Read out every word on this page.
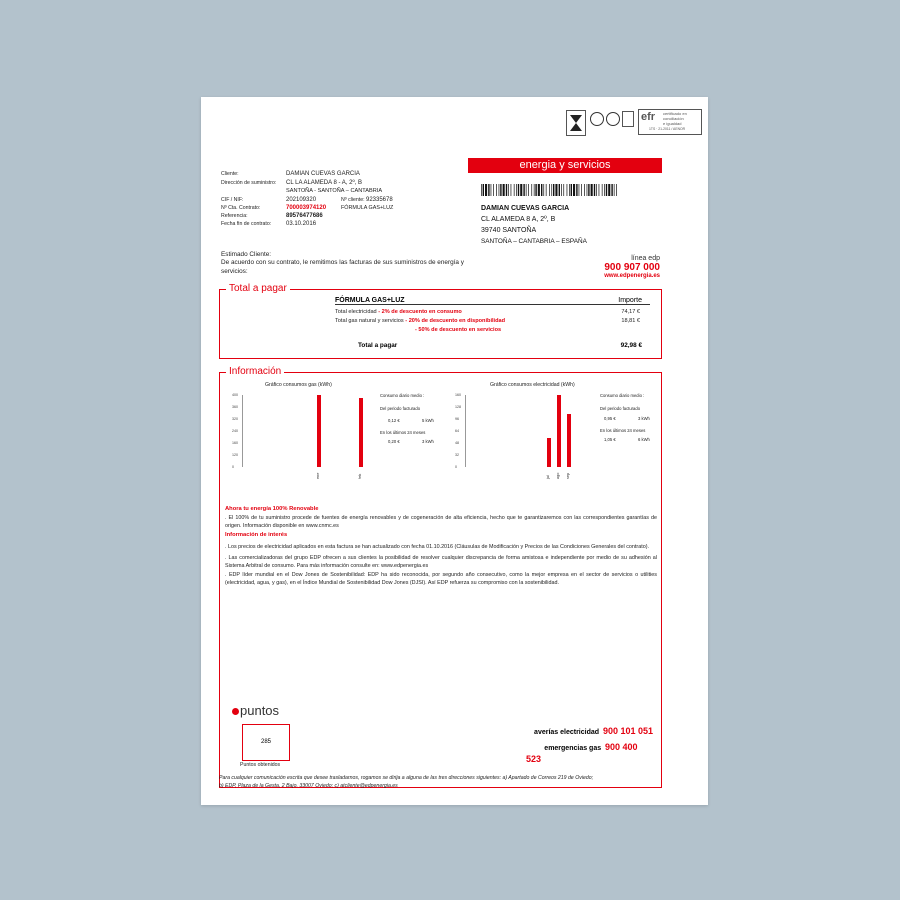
efr certificado en
conciliación
e igualdad
1TS · 21-2011 / AENOR
energia y servicios
Cliente:	DAMIAN CUEVAS GARCIA
Dirección de suministro:	CL LA ALAMEDA 8 - A, 2º, B
SANTOÑA - SANTOÑA – CANTABRIA
CIF / NIF:	202109320	Nº cliente: 92335678
Nº Cta. Contrato:	700003974120	FÓRMULA GAS+LUZ
Referencia:	89576477686
Fecha fin de contrato:	03.10.2016
DAMIAN CUEVAS GARCIA
CL ALAMEDA 8 A, 2º, B
39740 SANTOÑA
SANTOÑA – CANTABRIA – ESPAÑA
Estimado Cliente:
De acuerdo con su contrato, le remitimos las facturas de sus suministros de energía y servicios:
línea edp
900 907 000
www.edpenergia.es
Total a pagar
FÓRMULA GAS+LUZ	Importe
Total electricidad - 2% de descuento en consumo	74,17 €
Total gas natural y servicios - 20% de descuento en disponibilidad	18,81 €
- 50% de descuento en servicios
Total a pagar	92,98 €
Información
Gráfico consumos gas (kWh)
400
360
320
240
160
120
0
ene	feb
Consumo diario medio :
Del periodo facturado
0,12 €	5 kWh
En los últimos 24 meses
0,20 €	3 kWh
Gráfico consumos electricidad (kWh)
160
128
96
64
48
32
0
jul ago sep
Consumo diario medio :
Del periodo facturado
0,95 €	3 kWh
En los últimos 24 meses
1,05 €	6 kWh
Ahora tu energía 100% Renovable
. El 100% de tu suministro procede de fuentes de energía renovables y de cogeneración de alta eficiencia, hecho que te garantizaremos con las correspondientes garantías de origen. Información disponible en www.cnmc.es
Información de interés
. Los precios de electricidad aplicados en esta factura se han actualizado con fecha 01.10.2016 (Cláusulas de Modificación y Precios de las Condiciones Generales del contrato).
. Las comercializadoras del grupo EDP ofrecen a sus clientes la posibilidad de resolver cualquier discrepancia de forma amistosa e independiente por medio de su adhesión al Sistema Arbitral de consumo. Para más información consulte en: www.edpenergia.es
. EDP líder mundial en el Dow Jones de Sostenibilidad: EDP ha sido reconocida, por segundo año consecutivo, como la mejor empresa en el sector de servicios o utilities (electricidad, agua, y gas), en el Índice Mundial de Sostenibilidad Dow Jones (DJSI). Así EDP refuerza su compromiso con la sostenibilidad.
puntos
285
Puntos obtenidos
averías electricidad 900 101 051
emergencias gas 900 400
523
Para cualquier comunicación escrita que desee trasladarnos, rogamos se dirija a alguna de las tres direcciones siguientes: a) Apartado de Correos 219 de Oviedo;
b) EDP, Plaza de la Gesta, 2 Bajo. 33007 Oviedo; c) atcliente@edpenergia.es
